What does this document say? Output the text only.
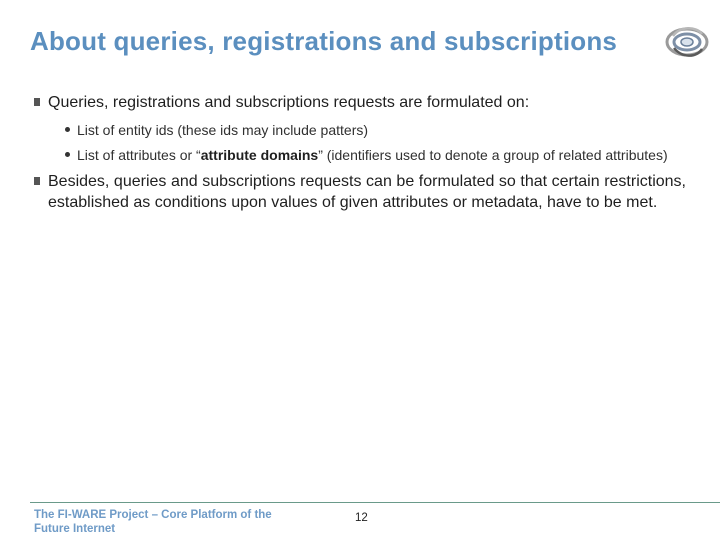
About queries, registrations and subscriptions
Queries, registrations and subscriptions requests are formulated on:
List of entity ids (these ids may include patters)
List of attributes or “attribute domains” (identifiers used to denote a group of related attributes)
Besides, queries and subscriptions requests can be formulated so that certain restrictions, established as conditions upon values of given attributes or metadata, have to be met.
The FI-WARE Project – Core Platform of the Future Internet
12
